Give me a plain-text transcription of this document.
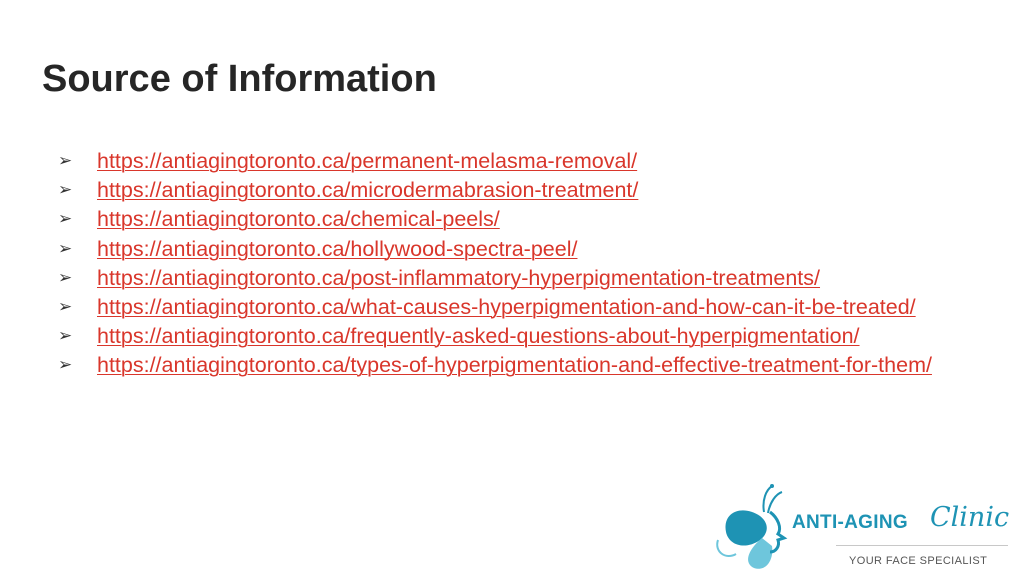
Source of Information
➢ https://antiagingtoronto.ca/permanent-melasma-removal/
➢ https://antiagingtoronto.ca/microdermabrasion-treatment/
➢ https://antiagingtoronto.ca/chemical-peels/
➢ https://antiagingtoronto.ca/hollywood-spectra-peel/
➢ https://antiagingtoronto.ca/post-inflammatory-hyperpigmentation-treatments/
➢ https://antiagingtoronto.ca/what-causes-hyperpigmentation-and-how-can-it-be-treated/
➢ https://antiagingtoronto.ca/frequently-asked-questions-about-hyperpigmentation/
➢ https://antiagingtoronto.ca/types-of-hyperpigmentation-and-effective-treatment-for-them/
ANTI-AGING Clinic
YOUR FACE SPECIALIST
